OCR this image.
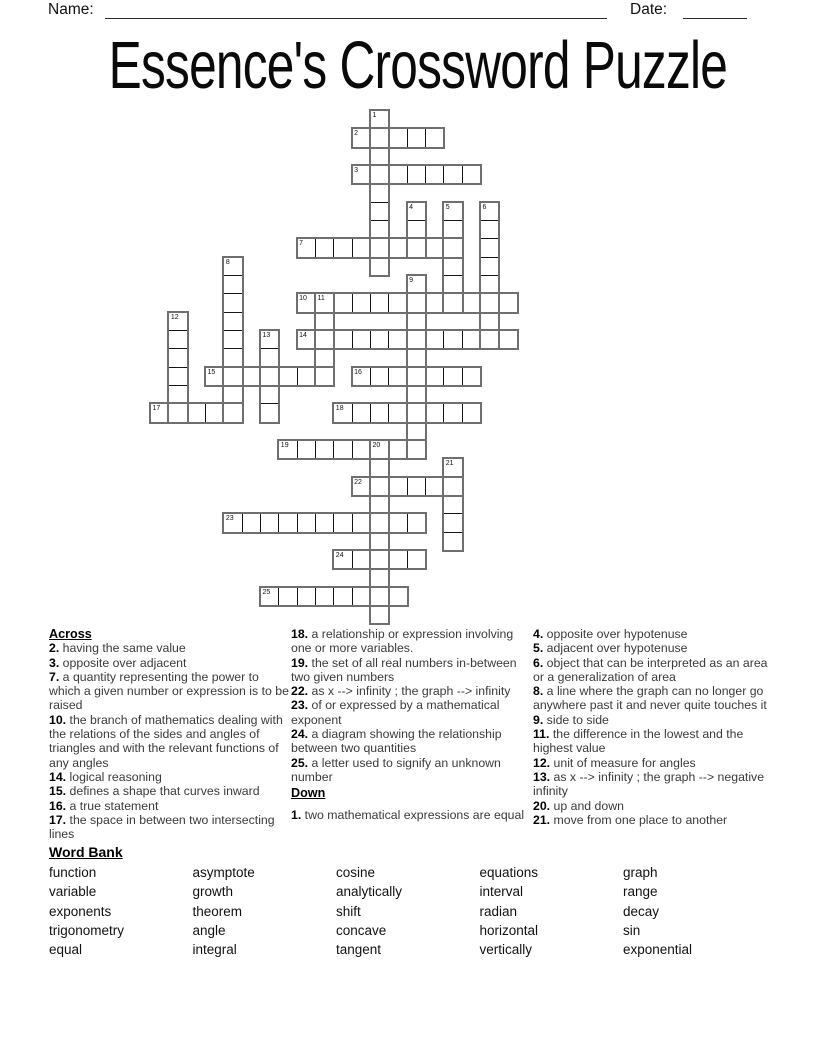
Name:	Date:
Essence's Crossword Puzzle
1
2
3
4	5	6
7
8
9
10 11
12
13	14
15	16
17	18
19	20
21
22
23
24
25
Across
2. having the same value
3. opposite over adjacent
7. a quantity representing the power to which a given number or expression is to be raised
10. the branch of mathematics dealing with the relations of the sides and angles of triangles and with the relevant functions of any angles
14. logical reasoning
15. defines a shape that curves inward
16. a true statement
17. the space in between two intersecting lines
18. a relationship or expression involving one or more variables.
19. the set of all real numbers in-between two given numbers
22. as x --> infinity ; the graph --> infinity
23. of or expressed by a mathematical exponent
24. a diagram showing the relationship between two quantities
25. a letter used to signify an unknown number
Down
1. two mathematical expressions are equal
4. opposite over hypotenuse
5. adjacent over hypotenuse
6. object that can be interpreted as an area or a generalization of area
8. a line where the graph can no longer go anywhere past it and never quite touches it
9. side to side
11. the difference in the lowest and the highest value
12. unit of measure for angles
13. as x --> infinity ; the graph --> negative infinity
20. up and down
21. move from one place to another
Word Bank
function
variable
exponents
trigonometry
equal
asymptote
growth
theorem
angle
integral
cosine
analytically
shift
concave
tangent
equations
interval
radian
horizontal
vertically
graph
range
decay
sin
exponential
